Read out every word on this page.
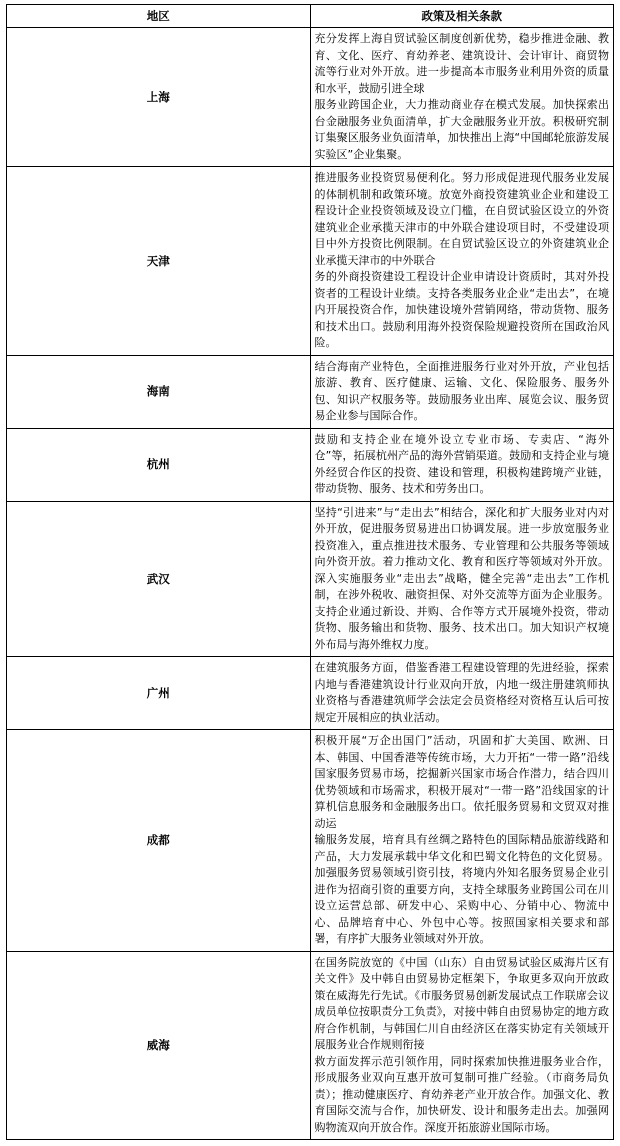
地区	政策及相关条款
上海	充分发挥上海自贸试验区制度创新优势，稳步推进金融、教育、文化、医疗、育幼养老、建筑设计、会计审计、商贸物流等行业对外开放。进一步提高本市服务业利用外资的质量和水平，鼓励引进全球

服务业跨国企业，大力推动商业存在模式发展。加快探索出台金融服务业负面清单，扩大金融服务业开放。积极研究制订集聚区服务业负面清单，加快推出上海“中国邮轮旅游发展实验区”企业集聚。

天津	推进服务业投资贸易便利化。努力形成促进现代服务业发展的体制机制和政策环境。放宽外商投资建筑业企业和建设工程设计企业投资领域及设立门槛，在自贸试验区设立的外资建筑业企业承揽天津市的中外联合建设项目时，不受建设项目中外方投资比例限制。在自贸试验区设立的外资建筑业企业承揽天津市的中外联合

务的外商投资建设工程设计企业申请设计资质时，其对外投资者的工程设计业绩。支持各类服务业企业“走出去”，在境内开展投资合作，加快建设境外营销网络，带动货物、服务和技术出口。鼓励利用海外投资保险规避投资所在国政治风险。

海南	结合海南产业特色，全面推进服务行业对外开放，产业包括旅游、教育、医疗健康、运输、文化、保险服务、服务外包、知识产权服务等。鼓励服务业出库、展览会议、服务贸易企业参与国际合作。

杭州	鼓励和支持企业在境外设立专业市场、专卖店、“海外仓”等，拓展杭州产品的海外营销渠道。鼓励和支持企业与境外经贸合作区的投资、建设和管理，积极构建跨境产业链，带动货物、服务、技术和劳务出口。

武汉	坚持“引进来”与“走出去”相结合，深化和扩大服务业对内对外开放，促进服务贸易进出口协调发展。进一步放宽服务业投资准入，重点推进技术服务、专业管理和公共服务等领域向外资开放。着力推动文化、教育和医疗等领域对外开放。深入实施服务业“走出去”战略，健全完善“走出去”工作机制，在涉外税收、融资担保、对外交流等方面为企业服务。支持企业通过新设、并购、合作等方式开展境外投资，带动货物、服务输出和货物、服务、技术出口。加大知识产权境外布局与海外维权力度。

广州	在建筑服务方面，借鉴香港工程建设管理的先进经验，探索内地与香港建筑设计行业双向开放，内地一级注册建筑师执业资格与香港建筑师学会法定会员资格经对资格互认后可按规定开展相应的执业活动。

成都	积极开展“万企出国门”活动，巩固和扩大美国、欧洲、日本、韩国、中国香港等传统市场，大力开拓“一带一路”沿线国家服务贸易市场，挖掘新兴国家市场合作潜力，结合四川优势领域和市场需求，积极开展对“一带一路”沿线国家的计算机信息服务和金融服务出口。依托服务贸易和文贸双对推动运

输服务发展，培育具有丝绸之路特色的国际精品旅游线路和产品，大力发展承载中华文化和巴蜀文化特色的文化贸易。加强服务贸易领域引资引技，将境内外知名服务贸易企业引进作为招商引资的重要方向，支持全球服务业跨国公司在川设立运营总部、研发中心、采购中心、分销中心、物流中心、品牌培育中心、外包中心等。按照国家相关要求和部署，有序扩大服务业领域对外开放。

威海	在国务院放宽的《中国（山东）自由贸易试验区威海片区有关文件》及中韩自由贸易协定框架下，争取更多双向开放政策在威海先行先试。《市服务贸易创新发展试点工作联席会议成员单位按职责分工负责》，对接中韩自由贸易协定的地方政府合作机制，与韩国仁川自由经济区在落实协定有关领域开展服务业合作规则衔接

救方面发挥示范引领作用，同时探索加快推进服务业合作，形成服务业双向互惠开放可复制可推广经验。（市商务局负责）；推动健康医疗、育幼养老产业开放合作。加强文化、教育国际交流与合作，加快研发、设计和服务走出去。加强网购物流双向开放合作。深度开拓旅游业国际市场。
